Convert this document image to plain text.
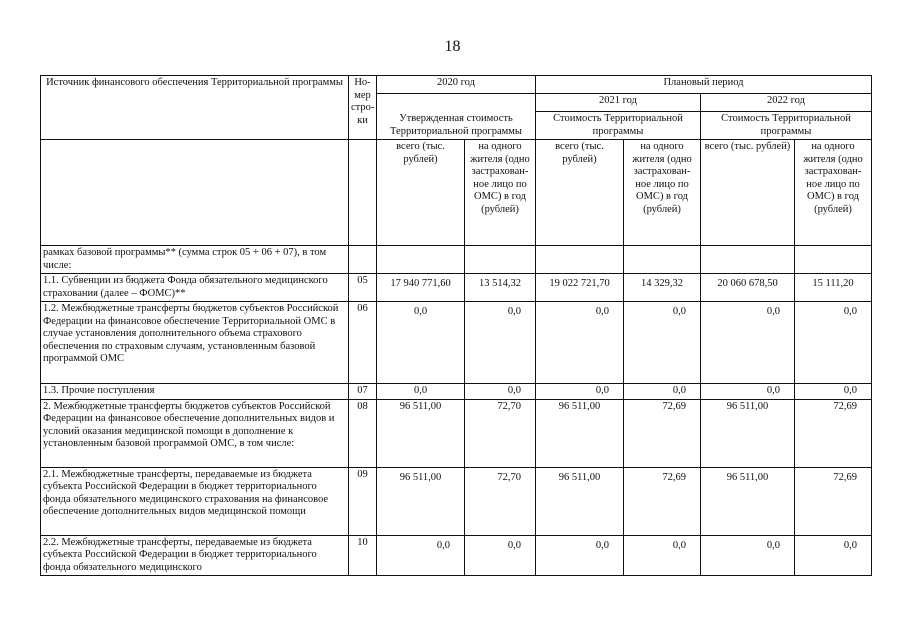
18
Источник финансового обеспечения Территориальной программы	Но-мер стро-ки	2020 год		Плановый период			
		Утвержденная стоимость Территориальной программы		2021 год		2022 год	
				Стоимость Территориальной программы		Стоимость Территориальной программы	
		всего (тыс. рублей)	на одного жителя (одно застрахован-ное лицо по ОМС) в год (рублей)	всего (тыс. рублей)	на одного жителя (одно застрахован-ное лицо по ОМС) в год (рублей)	всего (тыс. рублей)	на одного жителя (одно застрахован-ное лицо по ОМС) в год (рублей)
рамках базовой программы** (сумма строк 05 + 06 + 07), в том числе:							
1.1. Субвенции из бюджета Фонда обязательного медицинского страхования (далее – ФОМС)**	05	17 940 771,60	13 514,32	19 022 721,70	14 329,32	20 060 678,50	15 111,20
1.2. Межбюджетные трансферты бюджетов субъектов Российской Федерации на финансовое обеспечение Территориальной ОМС в случае установления дополнительного объема страхового обеспечения по страховым случаям, установленным базовой программой ОМС	06	0,0	0,0	0,0	0,0	0,0	0,0
1.3. Прочие поступления	07	0,0	0,0	0,0	0,0	0,0	0,0
2. Межбюджетные трансферты бюджетов субъектов Российской Федерации на финансовое обеспечение дополнительных видов и условий оказания медицинской помощи в дополнение к установленным базовой программой ОМС, в том числе:	08	96 511,00	72,70	96 511,00	72,69	96 511,00	72,69
2.1. Межбюджетные трансферты, передаваемые из бюджета субъекта Российской Федерации в бюджет территориального фонда обязательного медицинского страхования на финансовое обеспечение дополнительных видов медицинской помощи	09	96 511,00	72,70	96 511,00	72,69	96 511,00	72,69
2.2. Межбюджетные трансферты, передаваемые из бюджета субъекта Российской Федерации в бюджет территориального фонда обязательного медицинского	10	0,0	0,0	0,0	0,0	0,0	0,0
